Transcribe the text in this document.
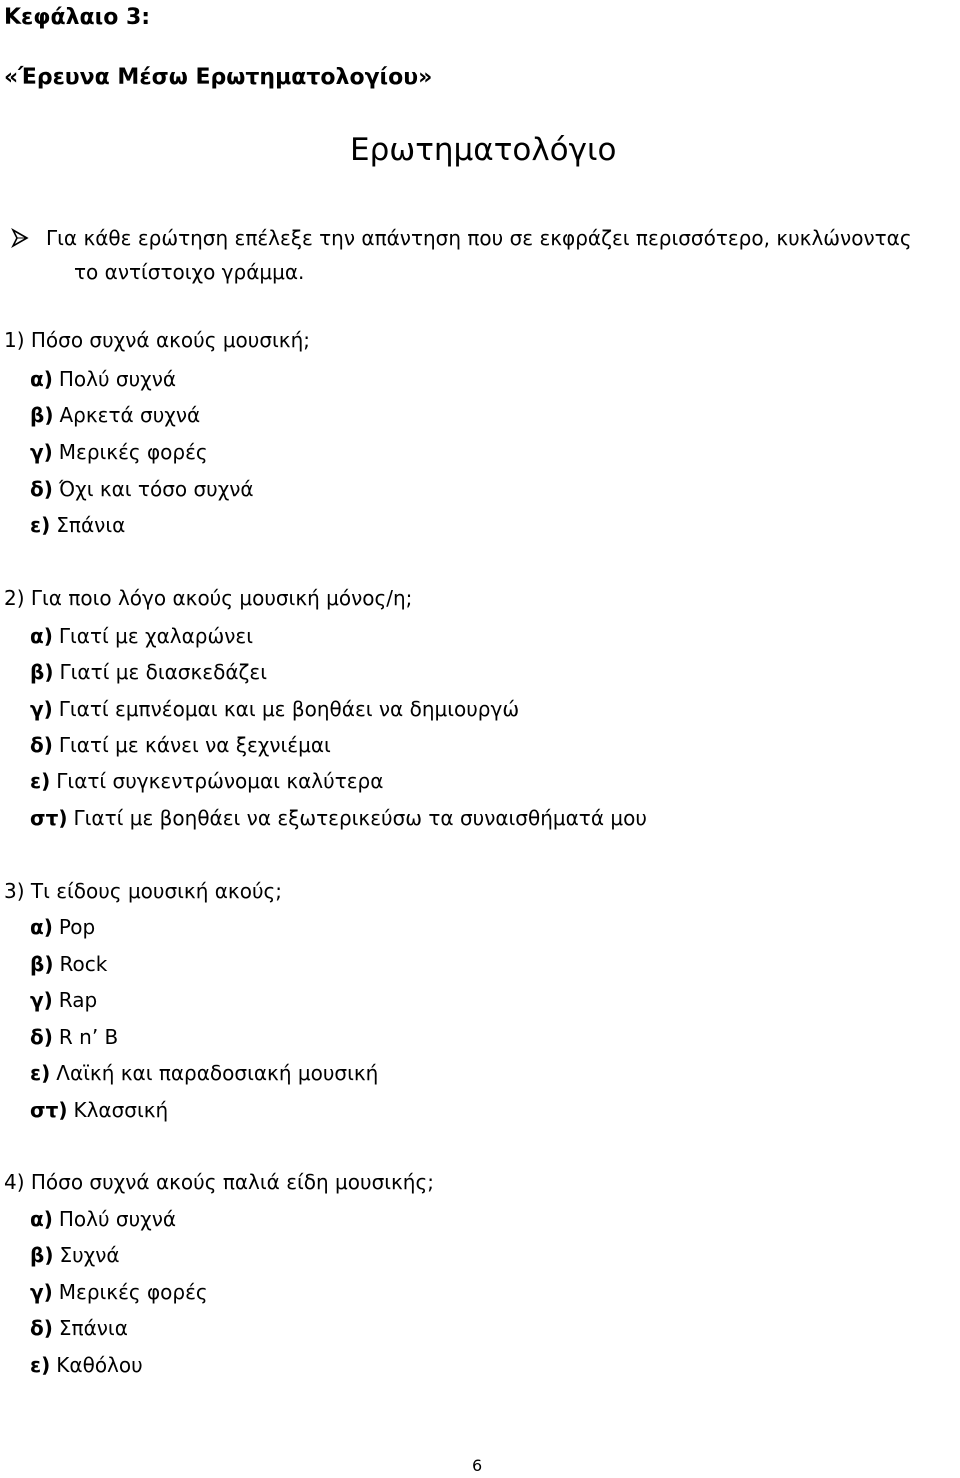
Κεφάλαιο 3:
«Έρευνα Μέσω Ερωτηματολογίου»
Ερωτηματολόγιο
Για κάθε ερώτηση επέλεξε την απάντηση που σε εκφράζει περισσότερο, κυκλώνοντας
το αντίστοιχο γράμμα.

1) Πόσο συχνά ακούς μουσική;

α) Πολύ συχνά
β) Αρκετά συχνά
γ) Μερικές φορές
δ) Όχι και τόσο συχνά
ε) Σπάνια

2) Για ποιο λόγο ακούς μουσική μόνος/η;

α) Γιατί με χαλαρώνει
β) Γιατί με διασκεδάζει
γ) Γιατί εμπνέομαι και με βοηθάει να δημιουργώ
δ) Γιατί με κάνει να ξεχνιέμαι
ε) Γιατί συγκεντρώνομαι καλύτερα
στ) Γιατί με βοηθάει να εξωτερικεύσω τα συναισθήματά μου

3) Τι είδους μουσική ακούς;

α) Pop
β) Rock
γ) Rap
δ) R n’ B
ε) Λαϊκή και παραδοσιακή μουσική
στ) Κλασσική

4) Πόσο συχνά ακούς παλιά είδη μουσικής;

α) Πολύ συχνά
β) Συχνά
γ) Μερικές φορές
δ) Σπάνια
ε) Καθόλου
6
